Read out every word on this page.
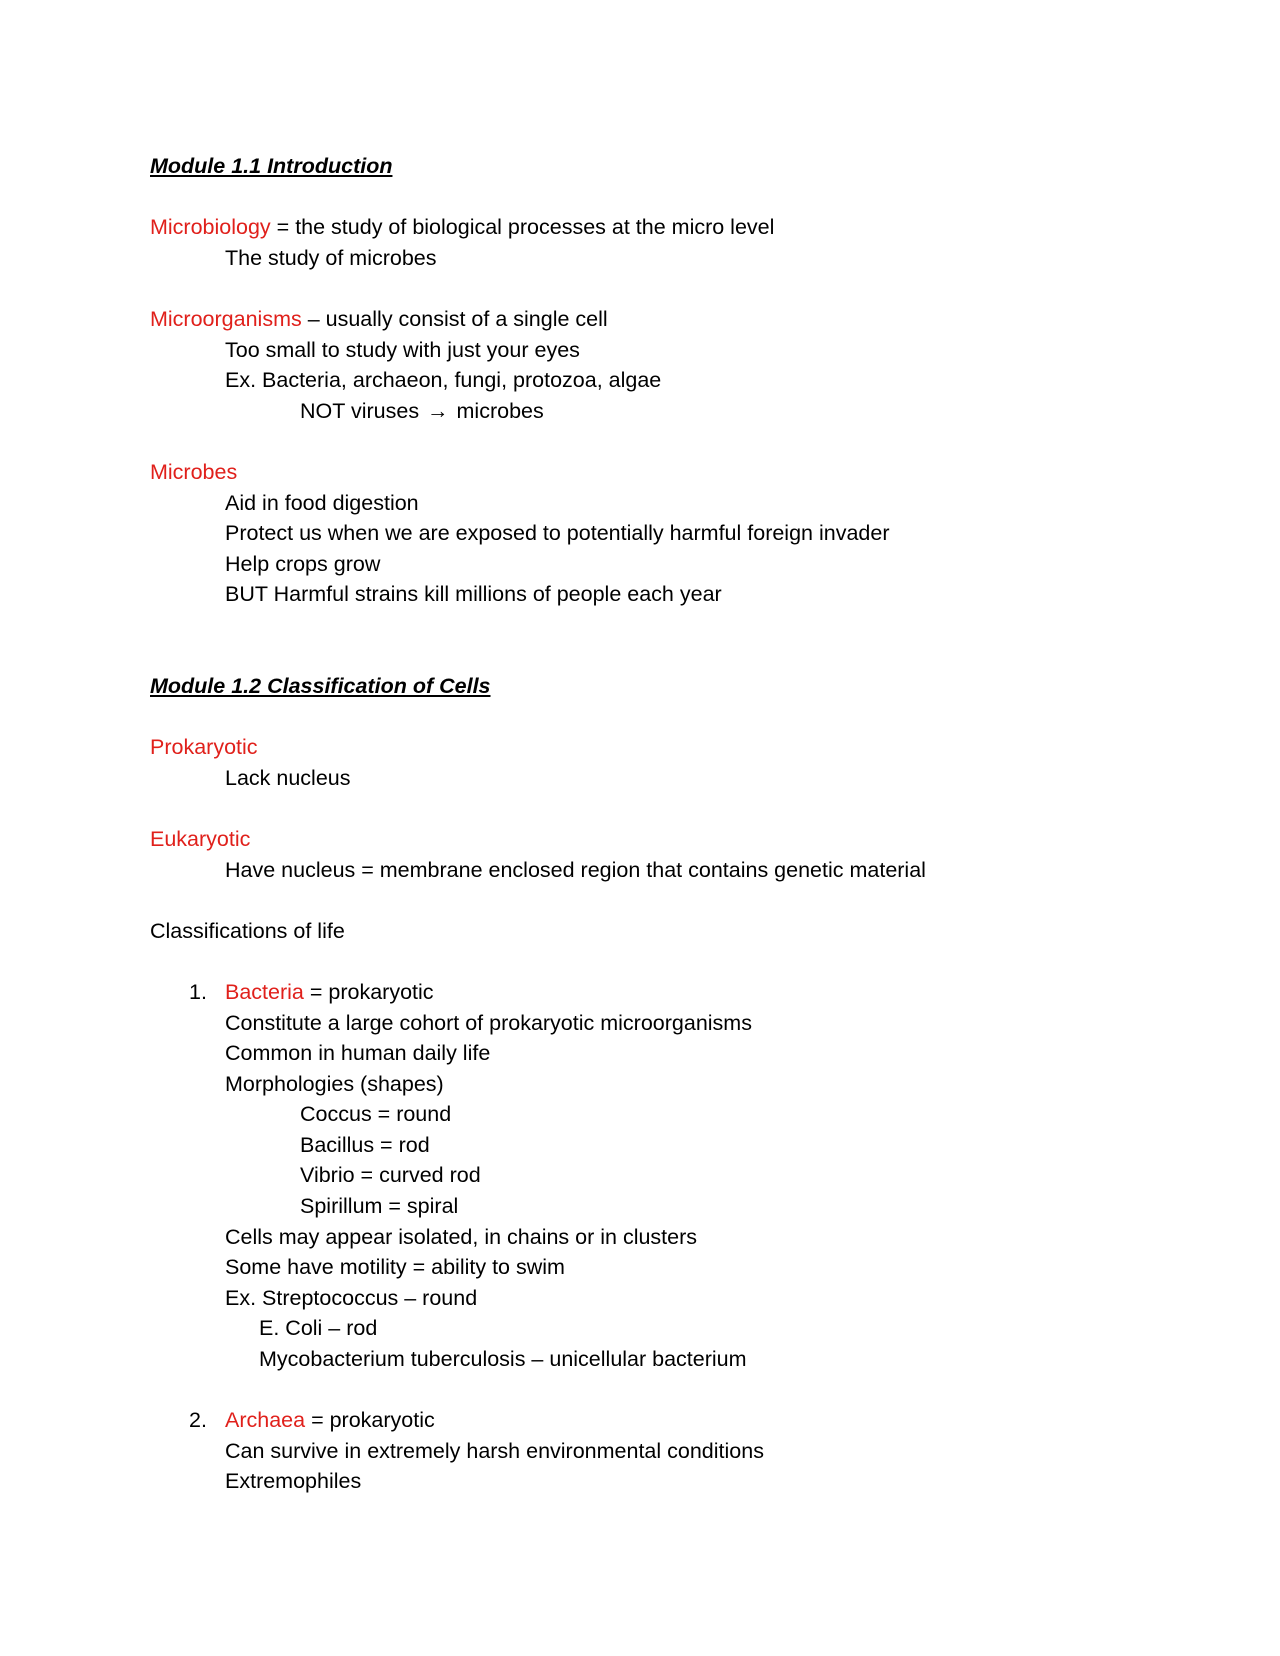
Module 1.1 Introduction
Microbiology = the study of biological processes at the micro level
The study of microbes
Microorganisms – usually consist of a single cell
Too small to study with just your eyes
Ex. Bacteria, archaeon, fungi, protozoa, algae
NOT viruses → microbes
Microbes
Aid in food digestion
Protect us when we are exposed to potentially harmful foreign invader
Help crops grow
BUT Harmful strains kill millions of people each year
Module 1.2 Classification of Cells
Prokaryotic
Lack nucleus
Eukaryotic
Have nucleus = membrane enclosed region that contains genetic material
Classifications of life
1. Bacteria = prokaryotic
Constitute a large cohort of prokaryotic microorganisms
Common in human daily life
Morphologies (shapes)
Coccus = round
Bacillus = rod
Vibrio = curved rod
Spirillum = spiral
Cells may appear isolated, in chains or in clusters
Some have motility = ability to swim
Ex. Streptococcus – round
E. Coli – rod
Mycobacterium tuberculosis – unicellular bacterium
2. Archaea = prokaryotic
Can survive in extremely harsh environmental conditions
Extremophiles
